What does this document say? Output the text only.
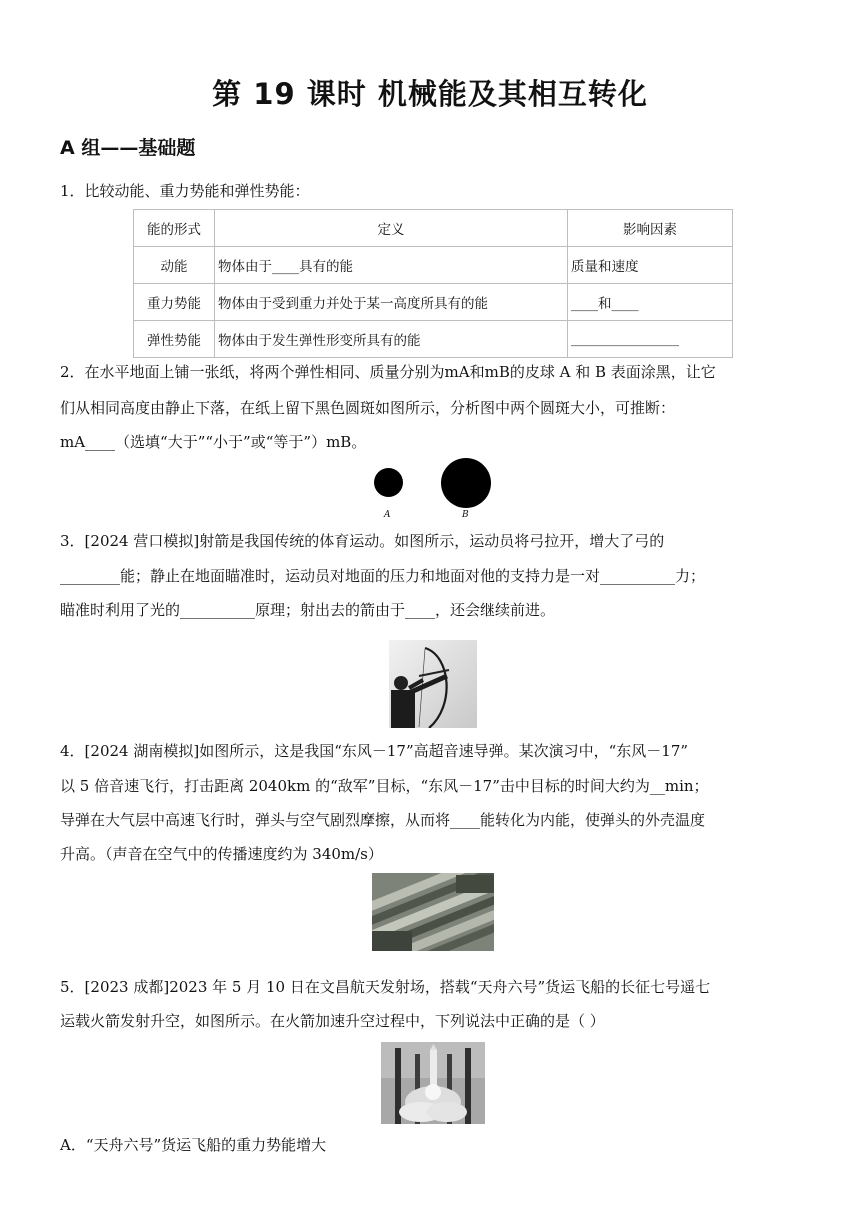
第 19 课时 机械能及其相互转化
A 组——基础题
1．比较动能、重力势能和弹性势能：
能的形式	定义	影响因素
动能	物体由于____具有的能	质量和速度
重力势能	物体由于受到重力并处于某一高度所具有的能	____和____
弹性势能	物体由于发生弹性形变所具有的能	________________
2．在水平地面上铺一张纸，将两个弹性相同、质量分别为mA和mB的皮球 A 和 B 表面涂黑，让它
们从相同高度由静止下落，在纸上留下黑色圆斑如图所示，分析图中两个圆斑大小，可推断：
mA____（选填“大于”“小于”或“等于”）mB。
A	B
3．[2024 营口模拟]射箭是我国传统的体育运动。如图所示，运动员将弓拉开，增大了弓的
________能；静止在地面瞄准时，运动员对地面的压力和地面对他的支持力是一对__________力；
瞄准时利用了光的__________原理；射出去的箭由于____，还会继续前进。
4．[2024 湖南模拟]如图所示，这是我国“东风－17”高超音速导弹。某次演习中，“东风－17”
以 5 倍音速飞行，打击距离 2040km 的“敌军”目标，“东风－17”击中目标的时间大约为__min；
导弹在大气层中高速飞行时，弹头与空气剧烈摩擦，从而将____能转化为内能，使弹头的外壳温度
升高。（声音在空气中的传播速度约为 340m/s）
5．[2023 成都]2023 年 5 月 10 日在文昌航天发射场，搭载“天舟六号”货运飞船的长征七号遥七
运载火箭发射升空，如图所示。在火箭加速升空过程中，下列说法中正确的是（ ）
A．“天舟六号”货运飞船的重力势能增大
